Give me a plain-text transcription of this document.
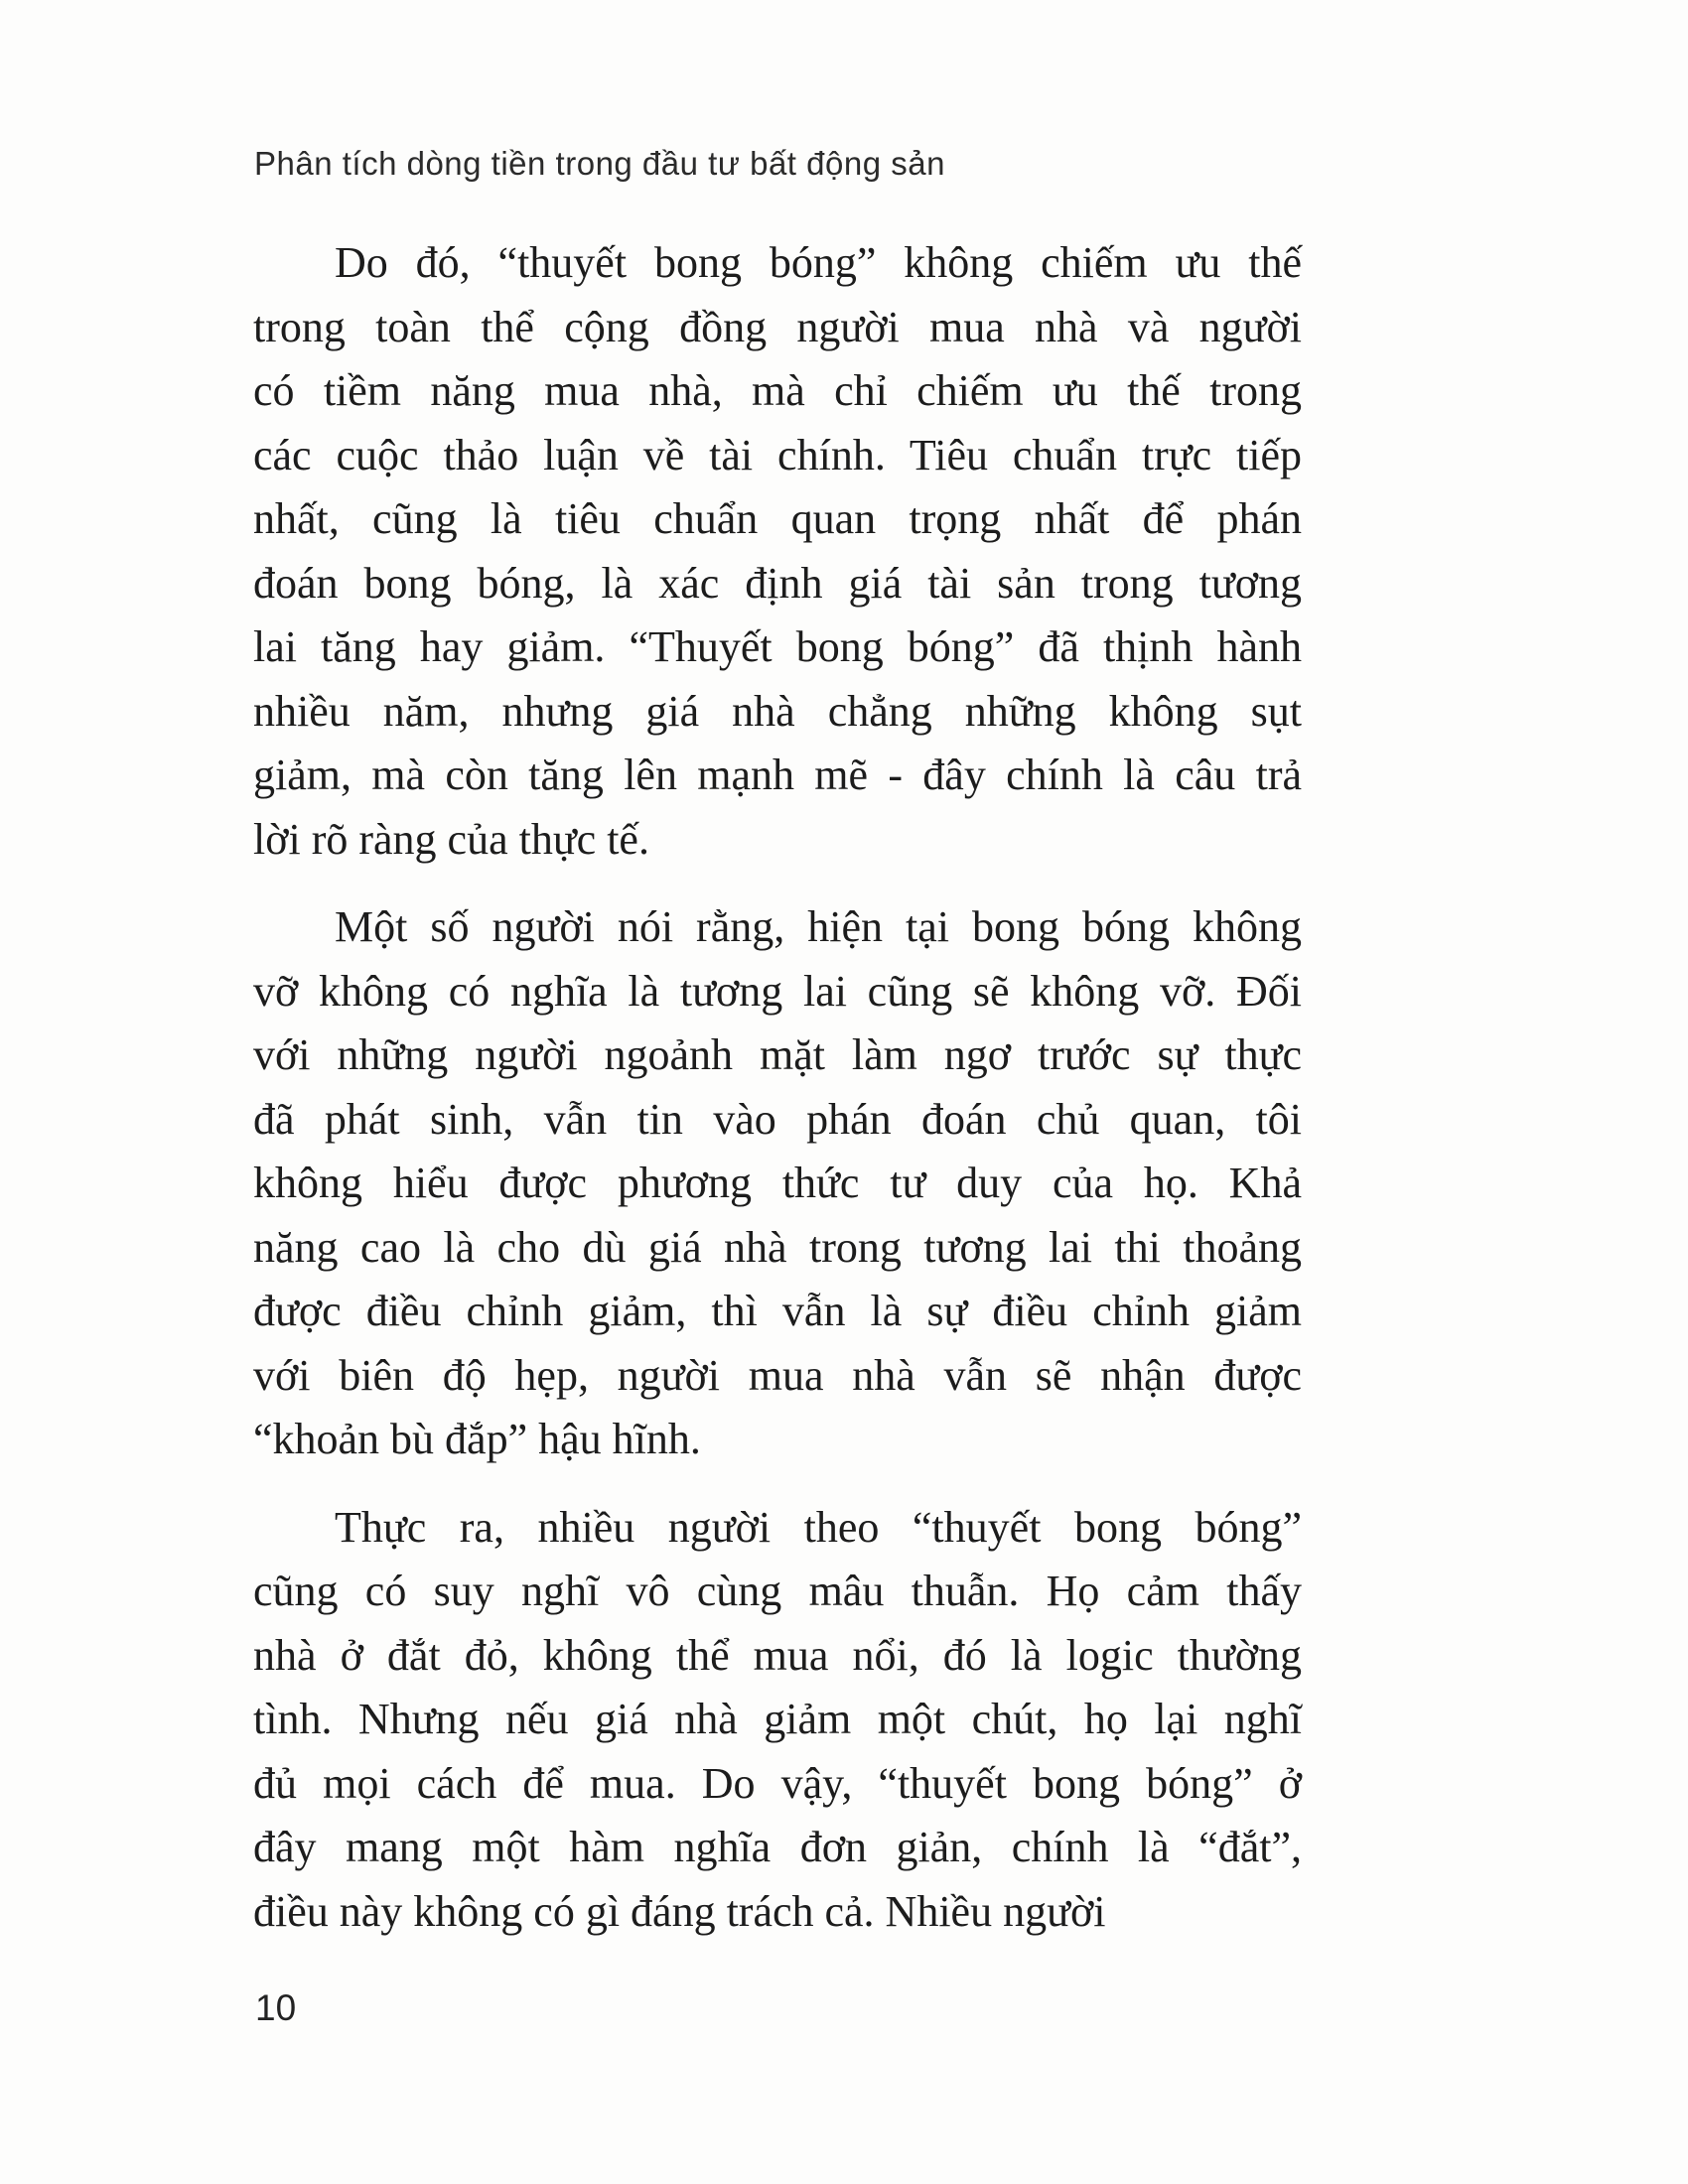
Phân tích dòng tiền trong đầu tư bất động sản
Do đó, “thuyết bong bóng” không chiếm ưu thế
trong toàn thể cộng đồng người mua nhà và người
có tiềm năng mua nhà, mà chỉ chiếm ưu thế trong
các cuộc thảo luận về tài chính. Tiêu chuẩn trực tiếp
nhất, cũng là tiêu chuẩn quan trọng nhất để phán
đoán bong bóng, là xác định giá tài sản trong tương
lai tăng hay giảm. “Thuyết bong bóng” đã thịnh hành
nhiều năm, nhưng giá nhà chẳng những không sụt
giảm, mà còn tăng lên mạnh mẽ - đây chính là câu trả
lời rõ ràng của thực tế.
Một số người nói rằng, hiện tại bong bóng không
vỡ không có nghĩa là tương lai cũng sẽ không vỡ. Đối
với những người ngoảnh mặt làm ngơ trước sự thực
đã phát sinh, vẫn tin vào phán đoán chủ quan, tôi
không hiểu được phương thức tư duy của họ. Khả
năng cao là cho dù giá nhà trong tương lai thi thoảng
được điều chỉnh giảm, thì vẫn là sự điều chỉnh giảm
với biên độ hẹp, người mua nhà vẫn sẽ nhận được
“khoản bù đắp” hậu hĩnh.
Thực ra, nhiều người theo “thuyết bong bóng”
cũng có suy nghĩ vô cùng mâu thuẫn. Họ cảm thấy
nhà ở đắt đỏ, không thể mua nổi, đó là logic thường
tình. Nhưng nếu giá nhà giảm một chút, họ lại nghĩ
đủ mọi cách để mua. Do vậy, “thuyết bong bóng” ở
đây mang một hàm nghĩa đơn giản, chính là “đắt”,
điều này không có gì đáng trách cả. Nhiều người
10
